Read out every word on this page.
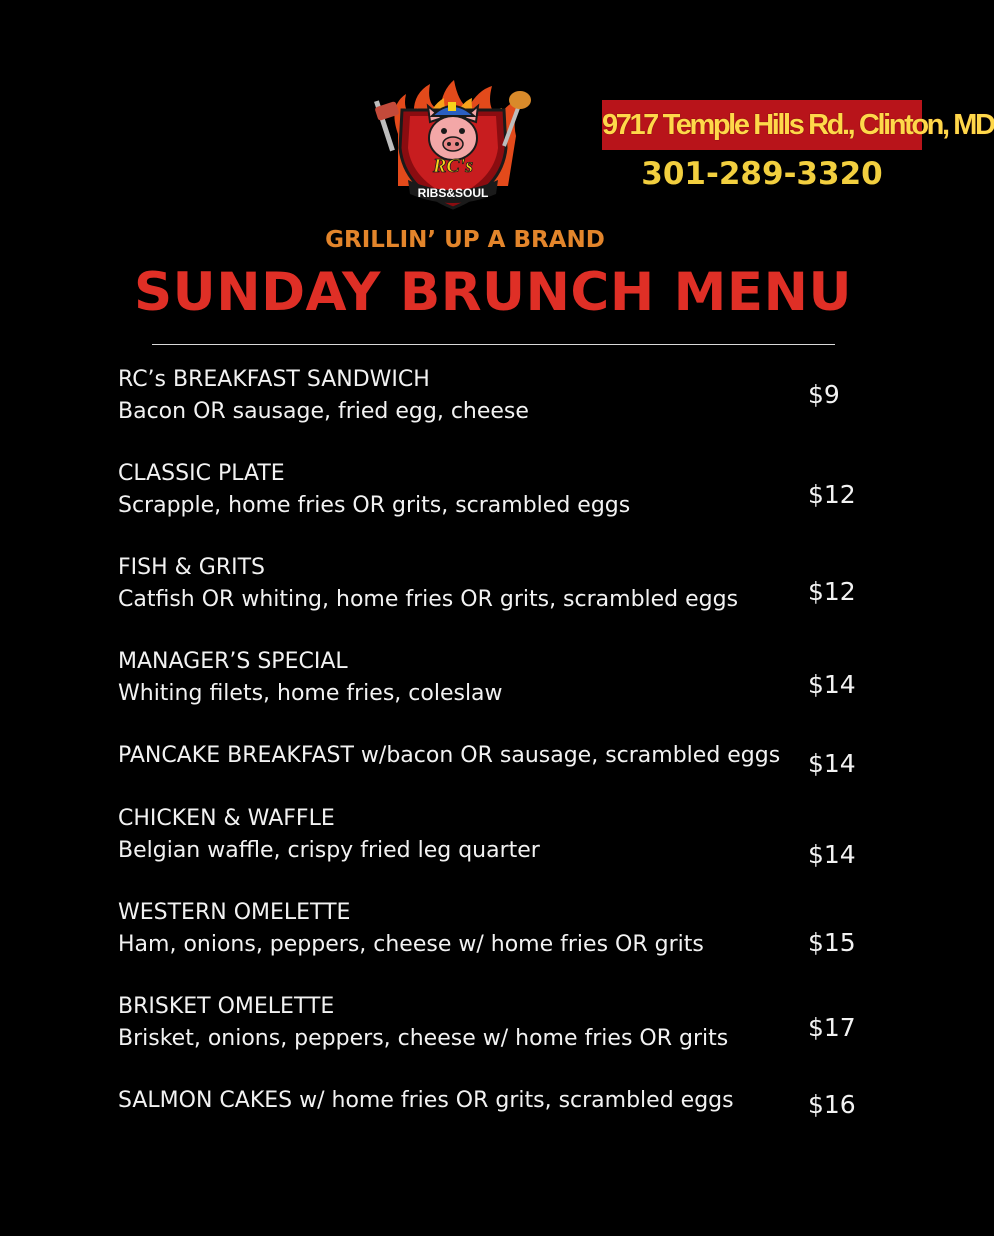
RC's
RIBS&SOUL
9717 Temple Hills Rd., Clinton, MD
301-289-3320
GRILLIN’ UP A BRAND
SUNDAY BRUNCH MENU
RC’s BREAKFAST SANDWICH
Bacon OR sausage, fried egg, cheese
$9
CLASSIC PLATE
Scrapple, home fries OR grits, scrambled eggs	$12
FISH & GRITS
Catfish OR whiting, home fries OR grits, scrambled eggs	$12
MANAGER’S SPECIAL
Whiting filets, home fries, coleslaw	$14
PANCAKE BREAKFAST w/bacon OR sausage, scrambled eggs	$14
CHICKEN & WAFFLE
Belgian waffle, crispy fried leg quarter	$14
WESTERN OMELETTE
Ham, onions, peppers, cheese w/ home fries OR grits	$15
BRISKET OMELETTE
Brisket, onions, peppers, cheese w/ home fries OR grits	$17
SALMON CAKES w/ home fries OR grits, scrambled eggs	$16
